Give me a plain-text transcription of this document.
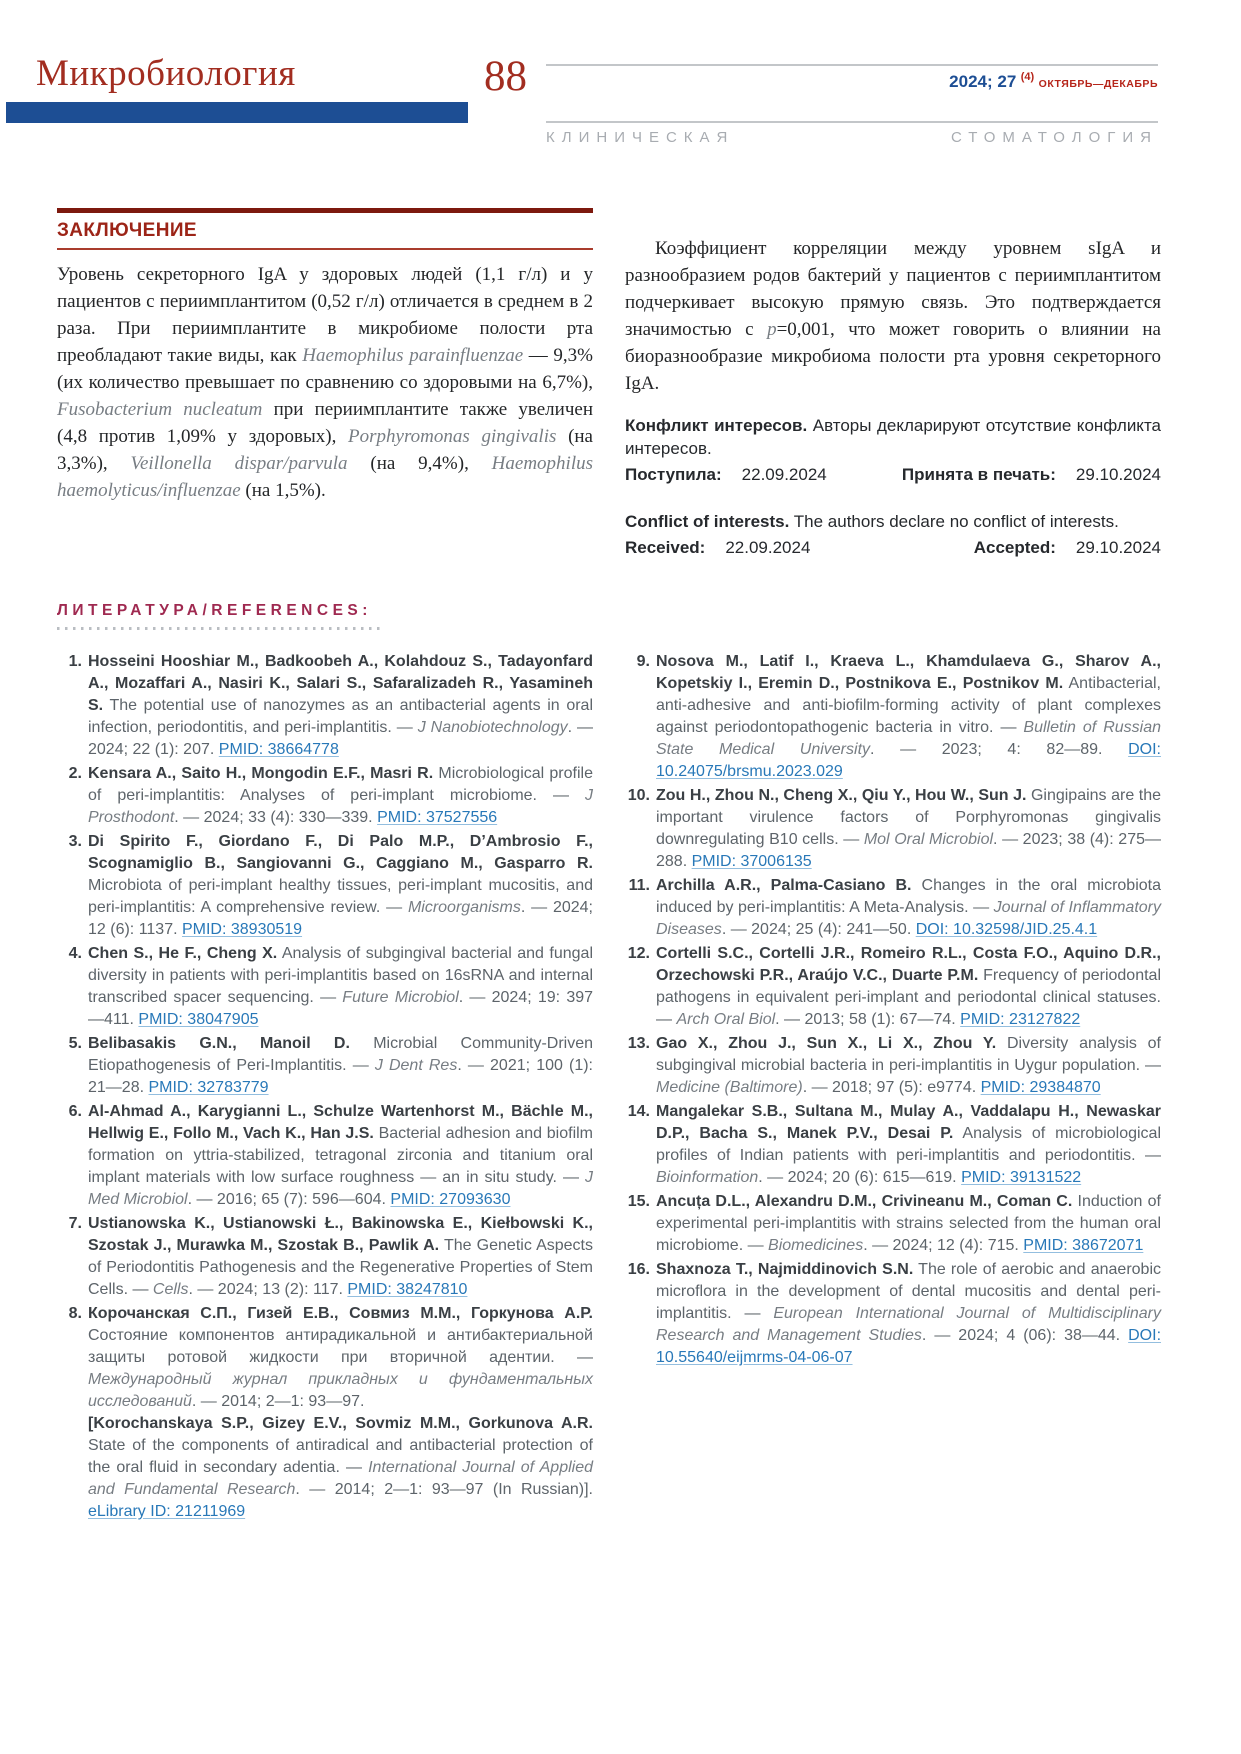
Микробиология	88	2024; 27 $^{(4)}$ ОКТЯБРЬ—ДЕКАБРЬ
КЛИНИЧЕСКАЯ	СТОМАТОЛОГИЯ
ЗАКЛЮЧЕНИЕ
Уровень секреторного IgA у здоровых людей (1,1 г/л) и у пациентов с периимплантитом (0,52 г/л) отличается в среднем в 2 раза. При периимплантите в микробиоме полости рта преобладают такие виды, как Haemophilus parainfluenzae — 9,3% (их количество превышает по сравнению со здоровыми на 6,7%), Fusobacterium nucleatum при периимплантите также увеличен (4,8 против 1,09% у здоровых), Porphyromonas gingivalis (на 3,3%), Veillonella dispar/parvula (на 9,4%), Haemophilus haemolyticus/influenzae (на 1,5%).
Коэффициент корреляции между уровнем sIgA и разнообразием родов бактерий у пациентов с периимплантитом подчеркивает высокую прямую связь. Это подтверждается значимостью с p=0,001, что может говорить о влиянии на биоразнообразие микробиома полости рта уровня секреторного IgA.
Конфликт интересов. Авторы декларируют отсутствие конфликта интересов.
Поступила: 22.09.2024	Принята в печать: 29.10.2024
Conflict of interests. The authors declare no conflict of interests.
Received: 22.09.2024	Accepted: 29.10.2024
ЛИТЕРАТУРА/REFERENCES:
1. Hosseini Hooshiar M., Badkoobeh A., Kolahdouz S., Tadayonfard A., Mozaffari A., Nasiri K., Salari S., Safaralizadeh R., Yasamineh S. The potential use of nanozymes as an antibacterial agents in oral infection, periodontitis, and peri-implantitis. — J Nanobiotechnology. — 2024; 22 (1): 207. PMID: 38664778
2. Kensara A., Saito H., Mongodin E.F., Masri R. Microbiological profile of peri-implantitis: Analyses of peri-implant microbiome. — J Prosthodont. — 2024; 33 (4): 330—339. PMID: 37527556
3. Di Spirito F., Giordano F., Di Palo M.P., D’Ambrosio F., Scognamiglio B., Sangiovanni G., Caggiano M., Gasparro R. Microbiota of peri-implant healthy tissues, peri-implant mucositis, and peri-implantitis: A comprehensive review. — Microorganisms. — 2024; 12 (6): 1137. PMID: 38930519
4. Chen S., He F., Cheng X. Analysis of subgingival bacterial and fungal diversity in patients with peri-implantitis based on 16sRNA and internal transcribed spacer sequencing. — Future Microbiol. — 2024; 19: 397—411. PMID: 38047905
5. Belibasakis G.N., Manoil D. Microbial Community-Driven Etiopathogenesis of Peri-Implantitis. — J Dent Res. — 2021; 100 (1): 21—28. PMID: 32783779
6. Al-Ahmad A., Karygianni L., Schulze Wartenhorst M., Bächle M., Hellwig E., Follo M., Vach K., Han J.S. Bacterial adhesion and biofilm formation on yttria-stabilized, tetragonal zirconia and titanium oral implant materials with low surface roughness — an in situ study. — J Med Microbiol. — 2016; 65 (7): 596—604. PMID: 27093630
7. Ustianowska K., Ustianowski Ł., Bakinowska E., Kiełbowski K., Szostak J., Murawka M., Szostak B., Pawlik A. The Genetic Aspects of Periodontitis Pathogenesis and the Regenerative Properties of Stem Cells. — Cells. — 2024; 13 (2): 117. PMID: 38247810
8. Корочанская С.П., Гизей Е.В., Совмиз М.М., Горкунова А.Р. Состояние компонентов антирадикальной и антибактериальной защиты ротовой жидкости при вторичной адентии. — Международный журнал прикладных и фундаментальных исследований. — 2014; 2—1: 93—97.
[Korochanskaya S.P., Gizey E.V., Sovmiz M.M., Gorkunova A.R. State of the components of antiradical and antibacterial protection of the oral fluid in secondary adentia. — International Journal of Applied and Fundamental Research. — 2014; 2—1: 93—97 (In Russian)]. eLibrary ID: 21211969
9. Nosova M., Latif I., Kraeva L., Khamdulaeva G., Sharov A., Kopetskiy I., Eremin D., Postnikova E., Postnikov M. Antibacterial, anti-adhesive and anti-biofilm-forming activity of plant complexes against periodontopathogenic bacteria in vitro. — Bulletin of Russian State Medical University. — 2023; 4: 82—89. DOI: 10.24075/brsmu.2023.029
10. Zou H., Zhou N., Cheng X., Qiu Y., Hou W., Sun J. Gingipains are the important virulence factors of Porphyromonas gingivalis downregulating B10 cells. — Mol Oral Microbiol. — 2023; 38 (4): 275—288. PMID: 37006135
11. Archilla A.R., Palma-Casiano B. Changes in the oral microbiota induced by peri-implantitis: A Meta-Analysis. — Journal of Inflammatory Diseases. — 2024; 25 (4): 241—50. DOI: 10.32598/JID.25.4.1
12. Cortelli S.C., Cortelli J.R., Romeiro R.L., Costa F.O., Aquino D.R., Orzechowski P.R., Araújo V.C., Duarte P.M. Frequency of periodontal pathogens in equivalent peri-implant and periodontal clinical statuses. — Arch Oral Biol. — 2013; 58 (1): 67—74. PMID: 23127822
13. Gao X., Zhou J., Sun X., Li X., Zhou Y. Diversity analysis of subgingival microbial bacteria in peri-implantitis in Uygur population. — Medicine (Baltimore). — 2018; 97 (5): e9774. PMID: 29384870
14. Mangalekar S.B., Sultana M., Mulay A., Vaddalapu H., Newaskar D.P., Bacha S., Manek P.V., Desai P. Analysis of microbiological profiles of Indian patients with peri-implantitis and periodontitis. — Bioinformation. — 2024; 20 (6): 615—619. PMID: 39131522
15. Ancuța D.L., Alexandru D.M., Crivineanu M., Coman C. Induction of experimental peri-implantitis with strains selected from the human oral microbiome. — Biomedicines. — 2024; 12 (4): 715. PMID: 38672071
16. Shaxnoza T., Najmiddinovich S.N. The role of aerobic and anaerobic microflora in the development of dental mucositis and dental peri-implantitis. — European International Journal of Multidisciplinary Research and Management Studies. — 2024; 4 (06): 38—44. DOI: 10.55640/eijmrms-04-06-07
